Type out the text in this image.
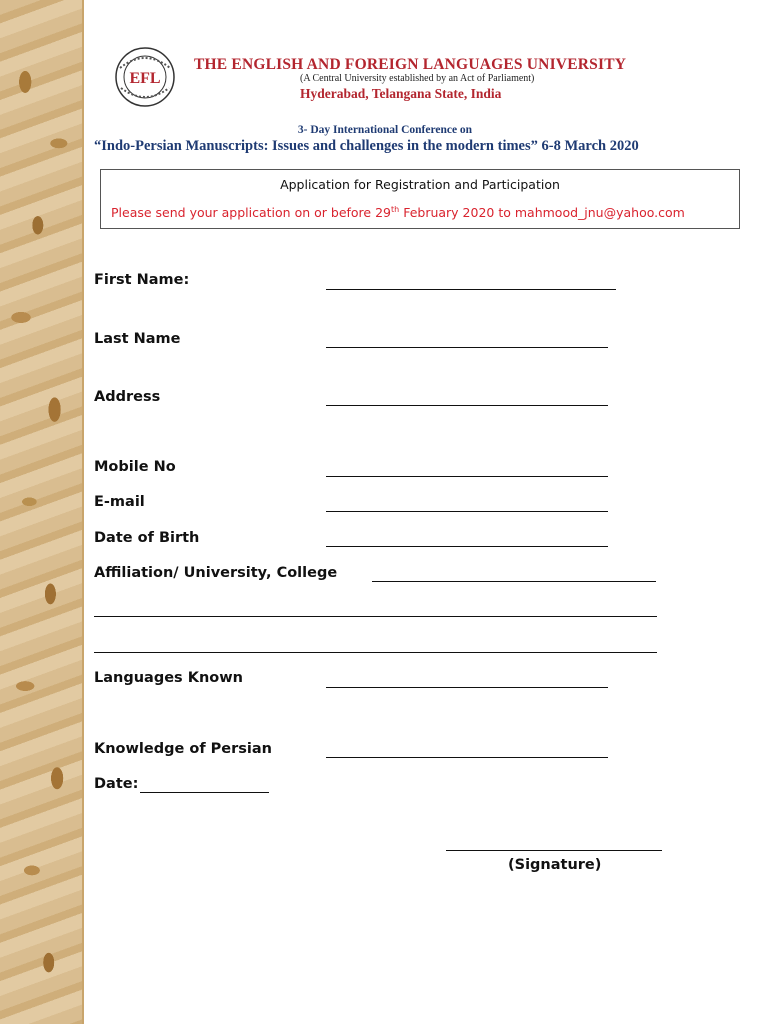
EFL
THE ENGLISH AND FOREIGN LANGUAGES UNIVERSITY
(A Central University established by an Act of Parliament)
Hyderabad, Telangana State, India
3- Day International Conference on
“Indo-Persian Manuscripts: Issues and challenges in the modern times” 6-8 March 2020
Application for Registration and Participation
Please send your application on or before 29th February 2020 to mahmood_jnu@yahoo.com
First Name:
Last Name
Address
Mobile No
E-mail
Date of Birth
Affiliation/ University, College
Languages Known
Knowledge of Persian
Date:
(Signature)
